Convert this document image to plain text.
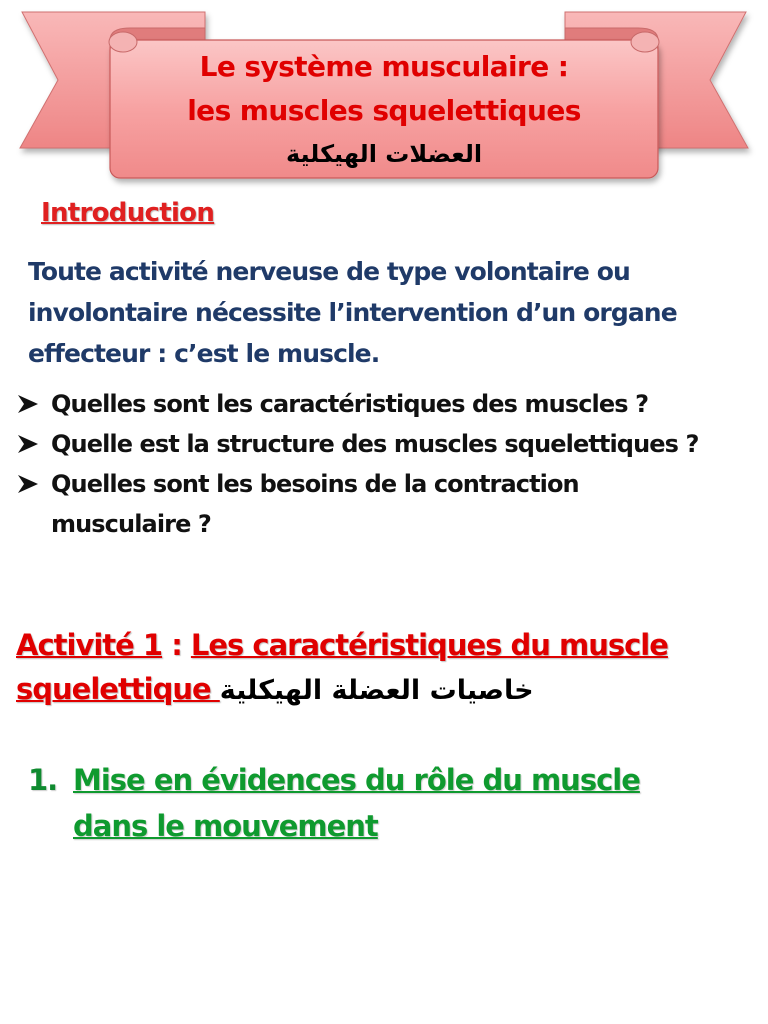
Le système musculaire :
les muscles squelettiques
العضلات الهيكلية
Introduction

Toute activité nerveuse de type volontaire ou
involontaire nécessite l’intervention d’un organe
effecteur : c’est le muscle.

Quelles sont les caractéristiques des muscles ?
Quelle est la structure des muscles squelettiques ?
Quelles sont les besoins de la contraction
musculaire ?
Activité 1 : Les caractéristiques du muscle
squelettique خاصيات العضلة الهيكلية
1. Mise en évidences du rôle du muscle
dans le mouvement
